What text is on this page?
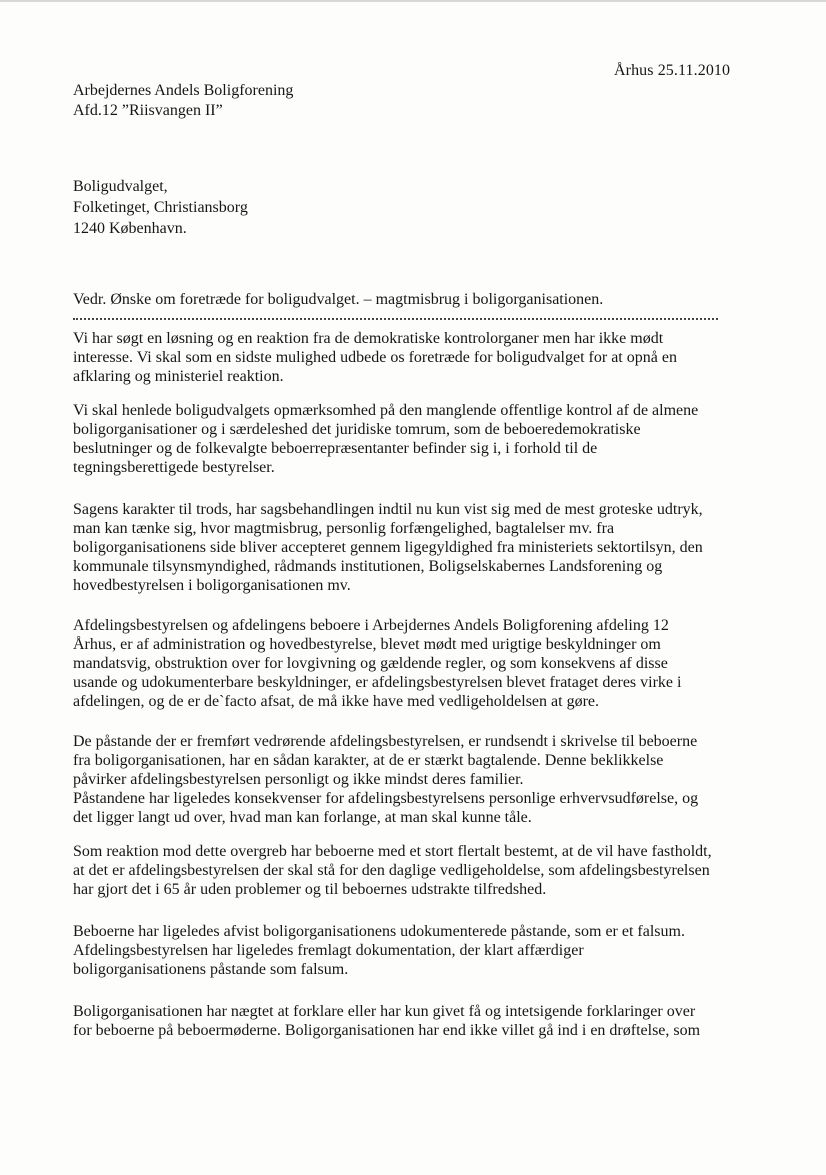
Århus 25.11.2010
Arbejdernes Andels Boligforening
Afd.12 ”Riisvangen II”
Boligudvalget,
Folketinget, Christiansborg
1240 København.
Vedr. Ønske om foretræde for boligudvalget. – magtmisbrug i boligorganisationen.

Vi har søgt en løsning og en reaktion fra de demokratiske kontrolorganer men har ikke mødt
interesse. Vi skal som en sidste mulighed udbede os foretræde for boligudvalget for at opnå en
afklaring og ministeriel reaktion.

Vi skal henlede boligudvalgets opmærksomhed på den manglende offentlige kontrol af de almene
boligorganisationer og i særdeleshed det juridiske tomrum, som de beboeredemokratiske
beslutninger og de folkevalgte beboerrepræsentanter befinder sig i, i forhold til de
tegningsberettigede bestyrelser.

Sagens karakter til trods, har sagsbehandlingen indtil nu kun vist sig med de mest groteske udtryk,
man kan tænke sig, hvor magtmisbrug, personlig forfængelighed, bagtalelser mv. fra
boligorganisationens side bliver accepteret gennem ligegyldighed fra ministeriets sektortilsyn, den
kommunale tilsynsmyndighed, rådmands institutionen, Boligselskabernes Landsforening og
hovedbestyrelsen i boligorganisationen mv.

Afdelingsbestyrelsen og afdelingens beboere i Arbejdernes Andels Boligforening afdeling 12
Århus, er af administration og hovedbestyrelse, blevet mødt med urigtige beskyldninger om
mandatsvig, obstruktion over for lovgivning og gældende regler, og som konsekvens af disse
usande og udokumenterbare beskyldninger, er afdelingsbestyrelsen blevet frataget deres virke i
afdelingen, og de er de`facto afsat, de må ikke have med vedligeholdelsen at gøre.

De påstande der er fremført vedrørende afdelingsbestyrelsen, er rundsendt i skrivelse til beboerne
fra boligorganisationen, har en sådan karakter, at de er stærkt bagtalende. Denne beklikkelse
påvirker afdelingsbestyrelsen personligt og ikke mindst deres familier.

Påstandene har ligeledes konsekvenser for afdelingsbestyrelsens personlige erhvervsudførelse, og
det ligger langt ud over, hvad man kan forlange, at man skal kunne tåle.

Som reaktion mod dette overgreb har beboerne med et stort flertalt bestemt, at de vil have fastholdt,
at det er afdelingsbestyrelsen der skal stå for den daglige vedligeholdelse, som afdelingsbestyrelsen
har gjort det i 65 år uden problemer og til beboernes udstrakte tilfredshed.

Beboerne har ligeledes afvist boligorganisationens udokumenterede påstande, som er et falsum.
Afdelingsbestyrelsen har ligeledes fremlagt dokumentation, der klart affærdiger
boligorganisationens påstande som falsum.

Boligorganisationen har nægtet at forklare eller har kun givet få og intetsigende forklaringer over
for beboerne på beboermøderne. Boligorganisationen har end ikke villet gå ind i en drøftelse, som
